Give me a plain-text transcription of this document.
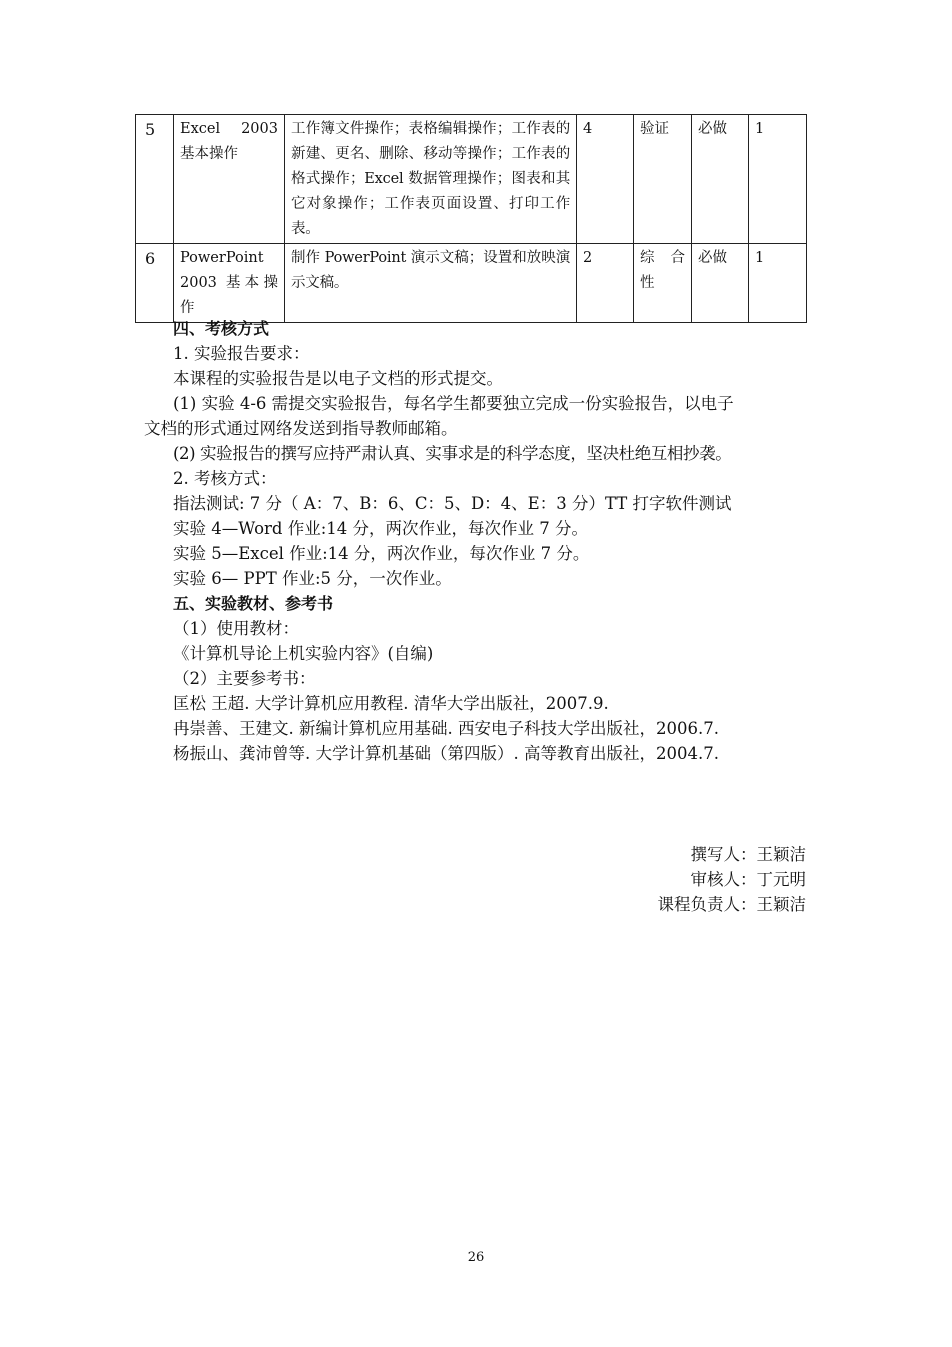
5	Excel 2003 基本操作	工作簿文件操作；表格编辑操作；工作表的新建、更名、删除、移动等操作；工作表的格式操作；Excel 数据管理操作；图表和其它对象操作；工作表页面设置、打印工作表。	4	验证	必做	1
6	PowerPoint 2003 基本操作	制作 PowerPoint 演示文稿；设置和放映演示文稿。	2	综 合 性	必做	1
四、考核方式
1. 实验报告要求：
本课程的实验报告是以电子文档的形式提交。
(1) 实验 4-6 需提交实验报告，每名学生都要独立完成一份实验报告，以电子
文档的形式通过网络发送到指导教师邮箱。
(2) 实验报告的撰写应持严肃认真、实事求是的科学态度，坚决杜绝互相抄袭。
2. 考核方式：
指法测试: 7 分（ A：7、B：6、C：5、D：4、E：3 分）TT 打字软件测试
实验 4—Word 作业:14 分，两次作业，每次作业 7 分。
实验 5—Excel 作业:14 分，两次作业，每次作业 7 分。
实验 6— PPT 作业:5 分，一次作业。
五、实验教材、参考书
（1）使用教材：
《计算机导论上机实验内容》(自编)
（2）主要参考书：
匡松 王超. 大学计算机应用教程. 清华大学出版社，2007.9.
冉崇善、王建文. 新编计算机应用基础. 西安电子科技大学出版社，2006.7.
杨振山、龚沛曾等. 大学计算机基础（第四版）. 高等教育出版社，2004.7.
撰写人：王颖洁
审核人：丁元明
课程负责人：王颖洁
26
